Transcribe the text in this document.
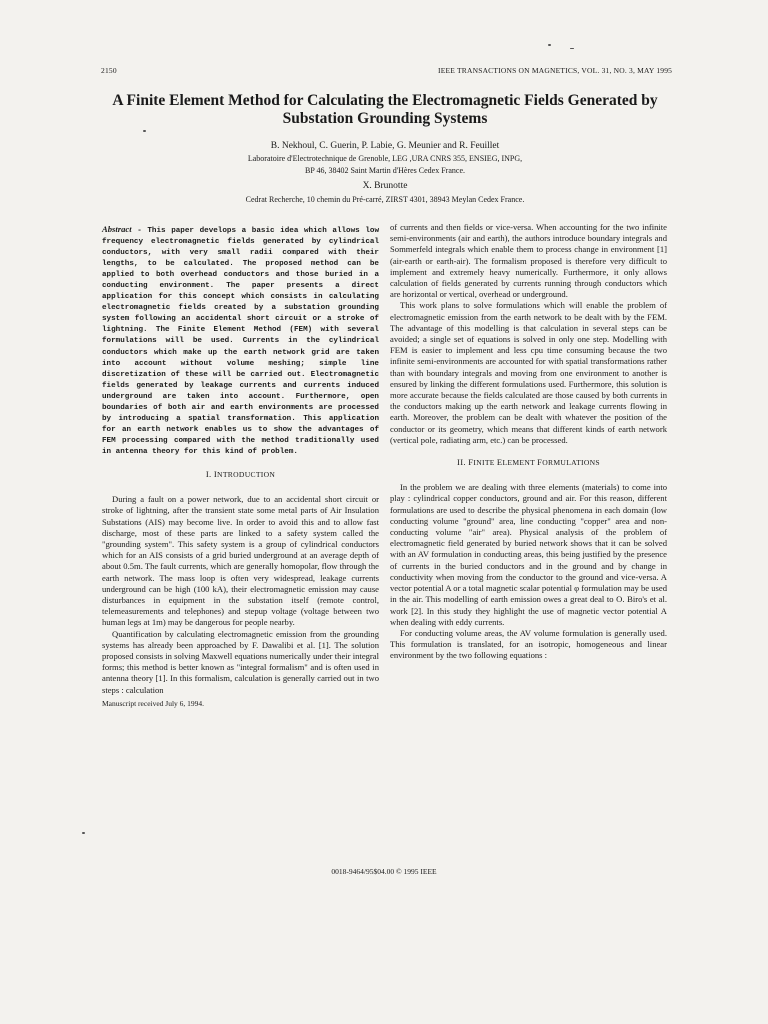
2150	IEEE TRANSACTIONS ON MAGNETICS, VOL. 31, NO. 3, MAY 1995
A Finite Element Method for Calculating the Electromagnetic Fields Generated by Substation Grounding Systems
B. Nekhoul, C. Guerin, P. Labie, G. Meunier and R. Feuillet
Laboratoire d'Electrotechnique de Grenoble, LEG ,URA CNRS 355, ENSIEG, INPG,
BP 46, 38402 Saint Martin d'Hères Cedex France.
X. Brunotte
Cedrat Recherche, 10 chemin du Pré-carré, ZIRST 4301, 38943 Meylan Cedex France.
Abstract - This paper develops a basic idea which allows low frequency electromagnetic fields generated by cylindrical conductors, with very small radii compared with their lengths, to be calculated. The proposed method can be applied to both overhead conductors and those buried in a conducting environment. The paper presents a direct application for this concept which consists in calculating electromagnetic fields created by a substation grounding system following an accidental short circuit or a stroke of lightning. The Finite Element Method (FEM) with several formulations will be used. Currents in the cylindrical conductors which make up the earth network grid are taken into account without volume meshing; simple line discretization of these will be carried out. Electromagnetic fields generated by leakage currents and currents induced underground are taken into account. Furthermore, open boundaries of both air and earth environments are processed by introducing a spatial transformation. This application for an earth network enables us to show the advantages of FEM processing compared with the method traditionally used in antenna theory for this kind of problem.
I. INTRODUCTION

During a fault on a power network, due to an accidental short circuit or stroke of lightning, after the transient state some metal parts of Air Insulation Substations (AIS) may become live. In order to avoid this and to allow fast discharge, most of these parts are linked to a safety system called the "grounding system". This safety system is a group of cylindrical conductors which for an AIS consists of a grid buried underground at an average depth of about 0.5m. The fault currents, which are generally homopolar, flow through the earth network. The mass loop is often very widespread, leakage currents underground can be high (100 kA), their electromagnetic emission may cause disturbances in equipment in the substation itself (remote control, telemeasurements and telephones) and stepup voltage (voltage between two human legs at 1m) may be dangerous for people nearby.

Quantification by calculating electromagnetic emission from the grounding systems has already been approached by F. Dawalibi et al. [1]. The solution proposed consists in solving Maxwell equations numerically under their integral forms; this method is better known as "integral formalism" and is often used in antenna theory [1]. In this formalism, calculation is generally carried out in two steps : calculation

Manuscript received July 6, 1994.

of currents and then fields or vice-versa. When accounting for the two infinite semi-environments (air and earth), the authors introduce boundary integrals and Sommerfeld integrals which enable them to process change in environment [1] (air-earth or earth-air). The formalism proposed is therefore very difficult to implement and extremely heavy numerically. Furthermore, it only allows calculation of fields generated by currents running through conductors which are horizontal or vertical, overhead or underground.

This work plans to solve formulations which will enable the problem of electromagnetic emission from the earth network to be dealt with by the FEM. The advantage of this modelling is that calculation in several steps can be avoided; a single set of equations is solved in only one step. Modelling with FEM is easier to implement and less cpu time consuming because the two infinite semi-environments are accounted for with spatial transformations rather than with boundary integrals and moving from one environment to another is ensured by linking the different formulations used. Furthermore, this solution is more accurate because the fields calculated are those caused by both currents in the conductors making up the earth network and leakage currents flowing in earth. Moreover, the problem can be dealt with whatever the position of the conductor or its geometry, which means that different kinds of earth network (vertical pole, radiating arm, etc.) can be processed.

II. FINITE ELEMENT FORMULATIONS

In the problem we are dealing with three elements (materials) to come into play : cylindrical copper conductors, ground and air. For this reason, different formulations are used to describe the physical phenomena in each domain (low conducting volume "ground" area, line conducting "copper" area and non-conducting volume "air" area). Physical analysis of the problem of electromagnetic field generated by buried network shows that it can be solved with an AV formulation in conducting areas, this being justified by the presence of currents in the buried conductors and in the ground and by change in conductivity when moving from the conductor to the ground and vice-versa. A vector potential A or a total magnetic scalar potential φ formulation may be used in the air. This modelling of earth emission owes a great deal to O. Biro's et al. work [2]. In this study they highlight the use of magnetic vector potential A when dealing with eddy currents.

For conducting volume areas, the AV volume formulation is generally used. This formulation is translated, for an isotropic, homogeneous and linear environment by the two following equations :

0018-9464/95$04.00 © 1995 IEEE
